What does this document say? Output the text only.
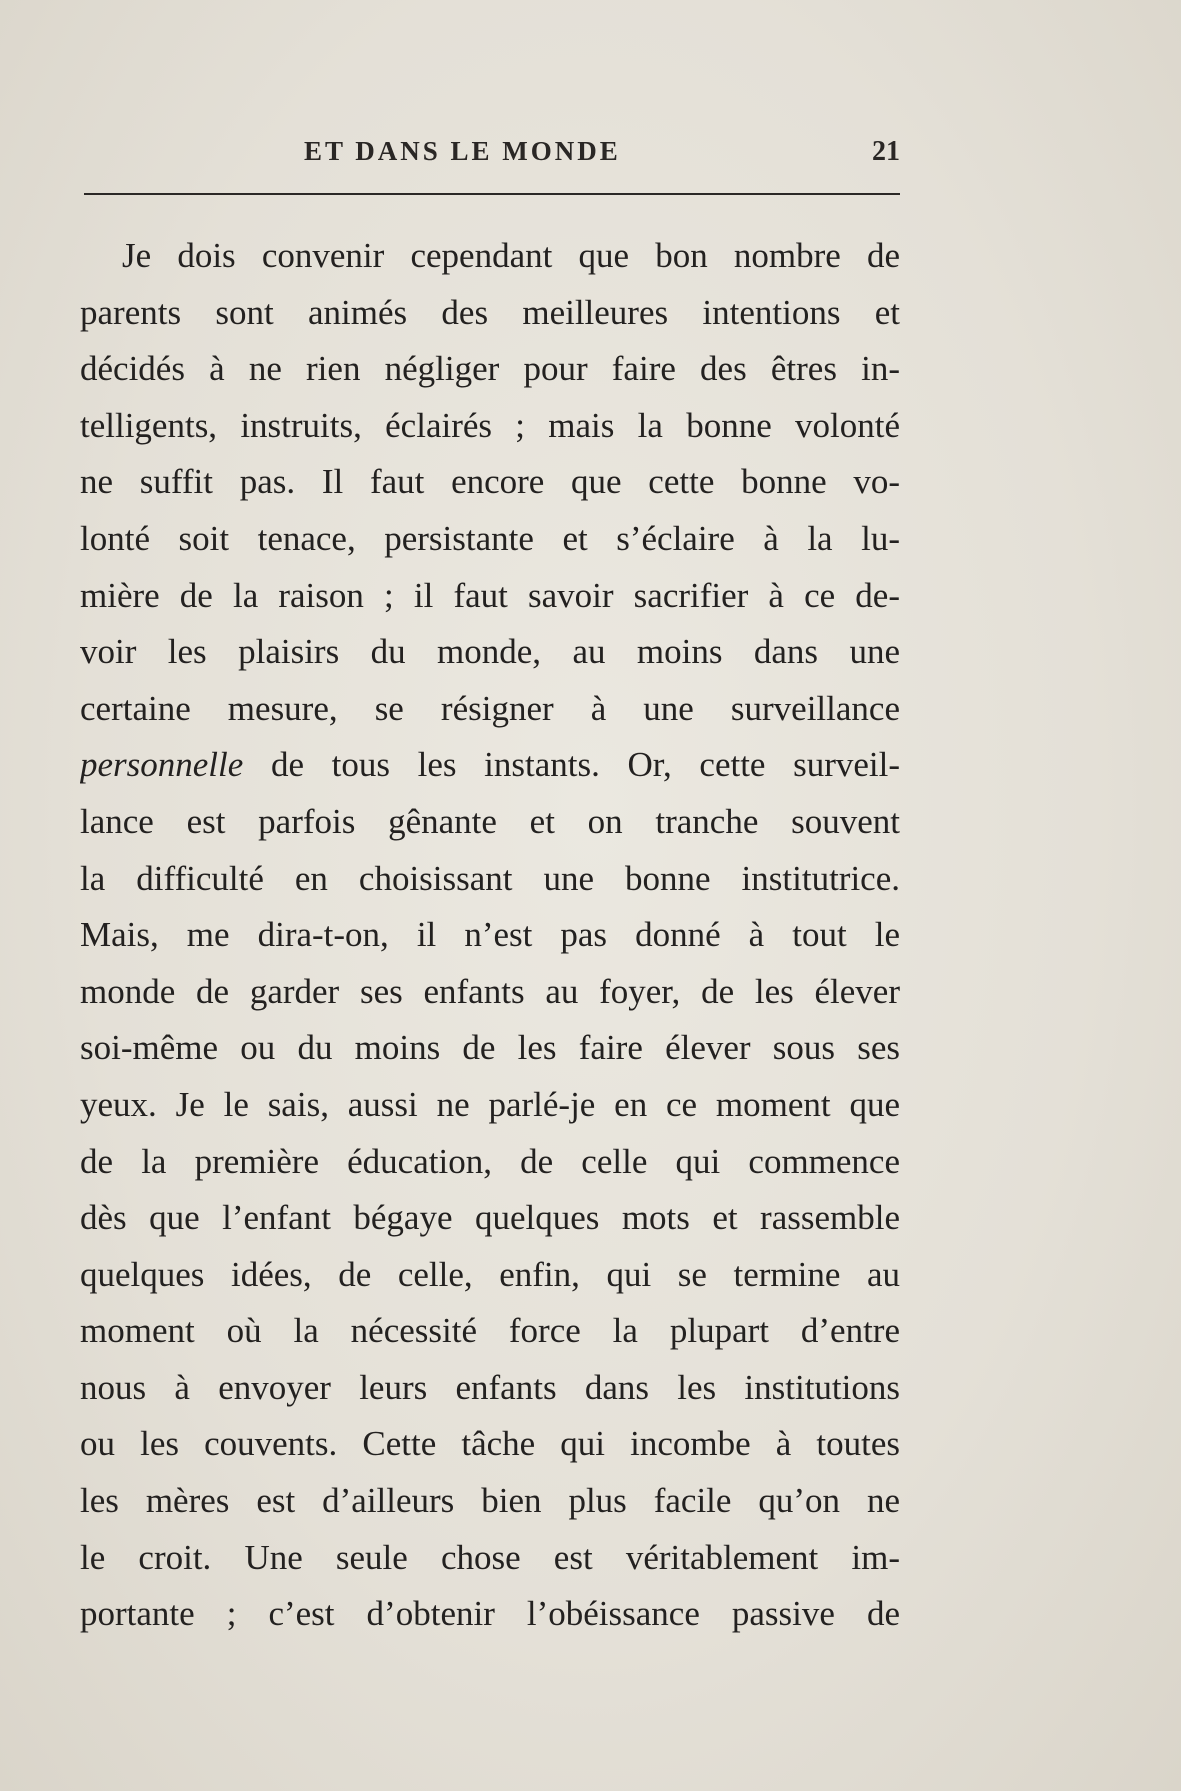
ET DANS LE MONDE	21
Je dois convenir cependant que bon nombre de
parents sont animés des meilleures intentions et
décidés à ne rien négliger pour faire des êtres in-
telligents, instruits, éclairés ; mais la bonne volonté
ne suffit pas. Il faut encore que cette bonne vo-
lonté soit tenace, persistante et s’éclaire à la lu-
mière de la raison ; il faut savoir sacrifier à ce de-
voir les plaisirs du monde, au moins dans une
certaine mesure, se résigner à une surveillance
personnelle de tous les instants. Or, cette surveil-
lance est parfois gênante et on tranche souvent
la difficulté en choisissant une bonne institutrice.
Mais, me dira-t-on, il n’est pas donné à tout le
monde de garder ses enfants au foyer, de les élever
soi-même ou du moins de les faire élever sous ses
yeux. Je le sais, aussi ne parlé-je en ce moment que
de la première éducation, de celle qui commence
dès que l’enfant bégaye quelques mots et rassemble
quelques idées, de celle, enfin, qui se termine au
moment où la nécessité force la plupart d’entre
nous à envoyer leurs enfants dans les institutions
ou les couvents. Cette tâche qui incombe à toutes
les mères est d’ailleurs bien plus facile qu’on ne
le croit. Une seule chose est véritablement im-
portante ; c’est d’obtenir l’obéissance passive de
